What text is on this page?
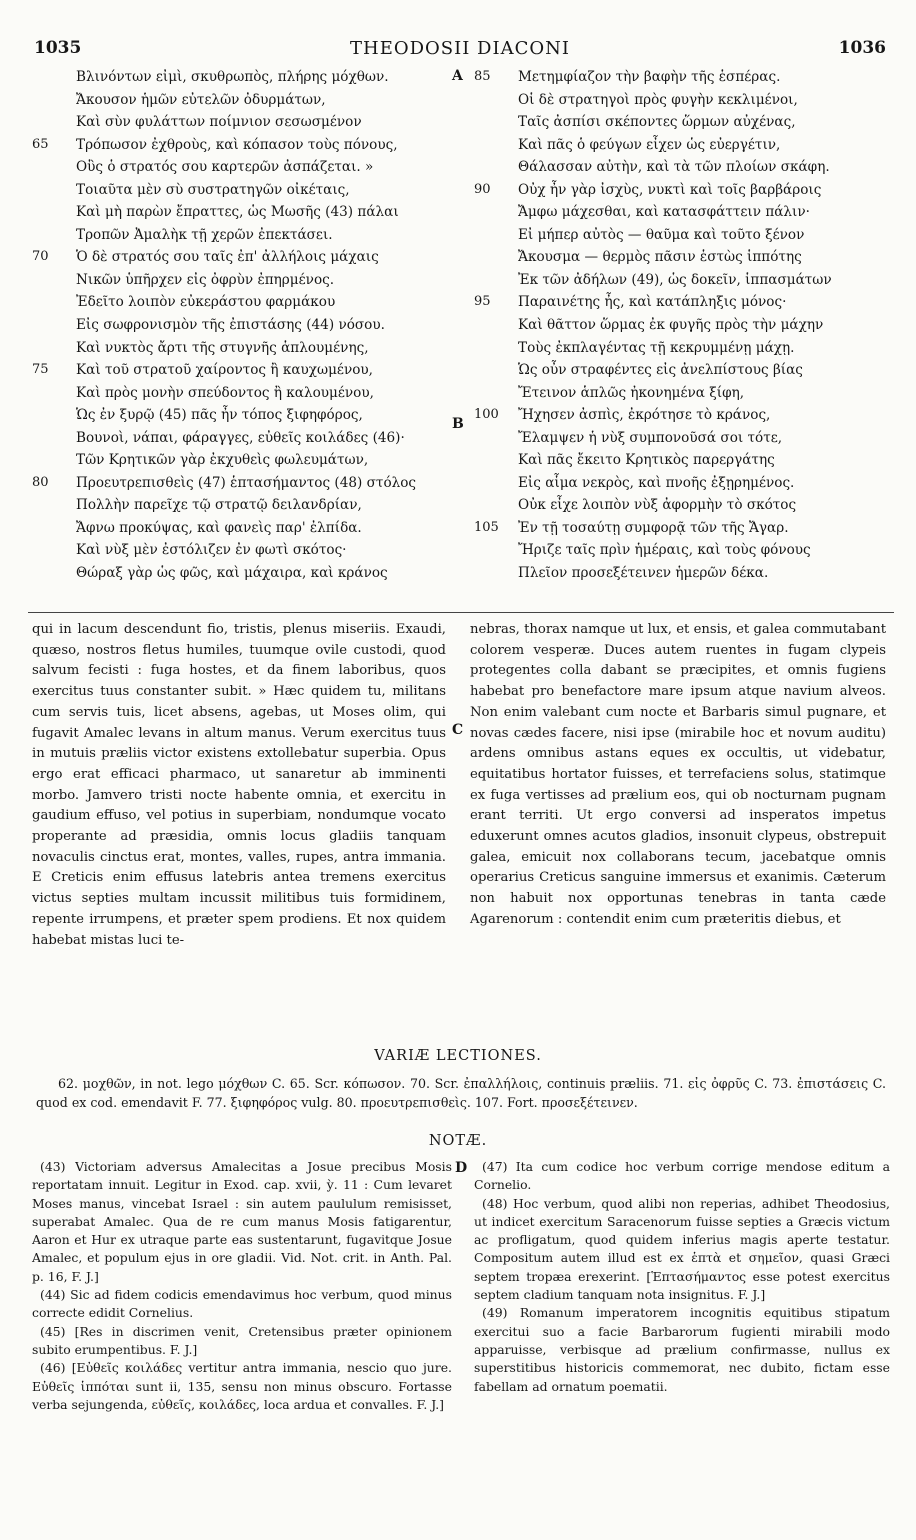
1035	THEODOSII DIACONI	1036
Βλινόντων εἰμὶ, σκυθρωπὸς, πλήρης μόχθων.
Ἄκουσον ἡμῶν εὐτελῶν ὀδυρμάτων,
Καὶ σὺν φυλάττων ποίμνιον σεσωσμένον
65	Τρόπωσον ἐχθροὺς, καὶ κόπασον τοὺς πόνους,
Οὓς ὁ στρατός σου καρτερῶν ἀσπάζεται. »
Τοιαῦτα μὲν σὺ συστρατηγῶν οἰκέταις,
Καὶ μὴ παρὼν ἔπραττες, ὡς Μωσῆς (43) πάλαι
Τροπῶν Ἀμαλὴκ τῇ χερῶν ἐπεκτάσει.
70	Ὁ δὲ στρατός σου ταῖς ἐπ' ἀλλήλοις μάχαις
Νικῶν ὑπῆρχεν εἰς ὀφρὺν ἐπηρμένος.
Ἐδεῖτο λοιπὸν εὐκεράστου φαρμάκου
Εἰς σωφρονισμὸν τῆς ἐπιστάσης (44) νόσου.
Καὶ νυκτὸς ἄρτι τῆς στυγνῆς ἁπλουμένης,
75	Καὶ τοῦ στρατοῦ χαίροντος ἢ καυχωμένου,
Καὶ πρὸς μονὴν σπεύδοντος ἢ καλουμένου,
Ὡς ἐν ξυρῷ (45) πᾶς ἦν τόπος ξιφηφόρος,
Βουνοὶ, νάπαι, φάραγγες, εὐθεῖς κοιλάδες (46)·
Τῶν Κρητικῶν γὰρ ἐκχυθεὶς φωλευμάτων,
80	Προευτρεπισθεὶς (47) ἑπτασήμαντος (48) στόλος
Πολλὴν παρεῖχε τῷ στρατῷ δειλανδρίαν,
Ἄφνω προκύψας, καὶ φανεὶς παρ' ἐλπίδα.
Καὶ νὺξ μὲν ἐστόλιζεν ἐν φωτὶ σκότος·
Θώραξ γὰρ ὡς φῶς, καὶ μάχαιρα, καὶ κράνος
85	Μετημφίαζον τὴν βαφὴν τῆς ἑσπέρας.
Οἱ δὲ στρατηγοὶ πρὸς φυγὴν κεκλιμένοι,
Ταῖς ἀσπίσι σκέποντες ὥρμων αὐχένας,
Καὶ πᾶς ὁ φεύγων εἶχεν ὡς εὐεργέτιν,
Θάλασσαν αὐτὴν, καὶ τὰ τῶν πλοίων σκάφη.
90	Οὐχ ἦν γὰρ ἰσχὺς, νυκτὶ καὶ τοῖς βαρβάροις
Ἄμφω μάχεσθαι, καὶ κατασφάττειν πάλιν·
Εἰ μήπερ αὐτὸς — θαῦμα καὶ τοῦτο ξένον
Ἄκουσμα — θερμὸς πᾶσιν ἑστὼς ἱππότης
Ἐκ τῶν ἀδήλων (49), ὡς δοκεῖν, ἱππασμάτων
95	Παραινέτης ἦς, καὶ κατάπληξις μόνος·
Καὶ θᾶττον ὥρμας ἐκ φυγῆς πρὸς τὴν μάχην
Τοὺς ἐκπλαγέντας τῇ κεκρυμμένῃ μάχῃ.
Ὡς οὖν στραφέντες εἰς ἀνελπίστους βίας
Ἔτεινον ἁπλῶς ἠκονημένα ξίφη,
100 Ἤχησεν ἀσπὶς, ἐκρότησε τὸ κράνος,
Ἔλαμψεν ἡ νὺξ συμπονοῦσά σοι τότε,
Καὶ πᾶς ἔκειτο Κρητικὸς παρεργάτης
Εἰς αἷμα νεκρὸς, καὶ πνοῆς ἐξῃρημένος.
Οὐκ εἶχε λοιπὸν νὺξ ἀφορμὴν τὸ σκότος
105 Ἐν τῇ τοσαύτῃ συμφορᾷ τῶν τῆς Ἄγαρ.
Ἤριζε ταῖς πρὶν ἡμέραις, καὶ τοὺς φόνους
Πλεῖον προσεξέτεινεν ἡμερῶν δέκα.
A
B
C
D

qui in lacum descendunt fio, tristis, plenus miseriis. Exaudi, quæso, nostros fletus humiles, tuumque ovile custodi, quod salvum fecisti : fuga hostes, et da finem laboribus, quos exercitus tuus constanter subit. » Hæc quidem tu, militans cum servis tuis, licet absens, agebas, ut Moses olim, qui fugavit Amalec levans in altum manus. Verum exercitus tuus in mutuis præliis victor existens extollebatur superbia. Opus ergo erat efficaci pharmaco, ut sanaretur ab imminenti morbo. Jamvero tristi nocte habente omnia, et exercitu in gaudium effuso, vel potius in superbiam, nondumque vocato properante ad præsidia, omnis locus gladiis tanquam novaculis cinctus erat, montes, valles, rupes, antra immania. E Creticis enim effusus latebris antea tremens exercitus victus septies multam incussit militibus tuis formidinem, repente irrumpens, et præter spem prodiens. Et nox quidem habebat mistas luci te-

nebras, thorax namque ut lux, et ensis, et galea commutabant colorem vesperæ. Duces autem ruentes in fugam clypeis protegentes colla dabant se præcipites, et omnis fugiens habebat pro benefactore mare ipsum atque navium alveos. Non enim valebant cum nocte et Barbaris simul pugnare, et novas cædes facere, nisi ipse (mirabile hoc et novum auditu) ardens omnibus astans eques ex occultis, ut videbatur, equitatibus hortator fuisses, et terrefaciens solus, statimque ex fuga vertisses ad prælium eos, qui ob nocturnam pugnam erant territi. Ut ergo conversi ad insperatos impetus eduxerunt omnes acutos gladios, insonuit clypeus, obstrepuit galea, emicuit nox collaborans tecum, jacebatque omnis operarius Creticus sanguine immersus et exanimis. Cæterum non habuit nox opportunas tenebras in tanta cæde Agarenorum : contendit enim cum præteritis diebus, et

VARIÆ LECTIONES.

62. μοχθῶν, in not. lego μόχθων C. 65. Scr. κόπωσον. 70. Scr. ἐπαλλήλοις, continuis præliis. 71. εἰς ὀφρῦς C. 73. ἐπιστάσεις C. quod ex cod. emendavit F. 77. ξιφηφόρος vulg. 80. προευτρεπισθεὶς. 107. Fort. προσεξέτεινεν.

NOTÆ.

(43) Victoriam adversus Amalecitas a Josue precibus Mosis reportatam innuit. Legitur in Exod. cap. xvii, ỳ. 11 : Cum levaret Moses manus, vincebat Israel : sin autem paululum remisisset, superabat Amalec. Qua de re cum manus Mosis fatigarentur, Aaron et Hur ex utraque parte eas sustentarunt, fugavitque Josue Amalec, et populum ejus in ore gladii. Vid. Not. crit. in Anth. Pal. p. 16, F. J.]

(44) Sic ad fidem codicis emendavimus hoc verbum, quod minus correcte edidit Cornelius.

(45) [Res in discrimen venit, Cretensibus præter opinionem subito erumpentibus. F. J.]

(46) [Εὐθεῖς κοιλάδες vertitur antra immania, nescio quo jure. Εὐθεῖς ἱππόται sunt ii, 135, sensu non minus obscuro. Fortasse verba sejungenda, εὐθεῖς, κοιλάδες, loca ardua et convalles. F. J.]

(47) Ita cum codice hoc verbum corrige mendose editum a Cornelio.

(48) Hoc verbum, quod alibi non reperias, adhibet Theodosius, ut indicet exercitum Saracenorum fuisse septies a Græcis victum ac profligatum, quod quidem inferius magis aperte testatur. Compositum autem illud est ex ἑπτὰ et σημεῖον, quasi Græci septem tropæa erexerint. [Ἑπτασήμαντος esse potest exercitus septem cladium tanquam nota insignitus. F. J.]

(49) Romanum imperatorem incognitis equitibus stipatum exercitui suo a facie Barbarorum fugienti mirabili modo apparuisse, verbisque ad prælium confirmasse, nullus ex superstitibus historicis commemorat, nec dubito, fictam esse fabellam ad ornatum poematii.
